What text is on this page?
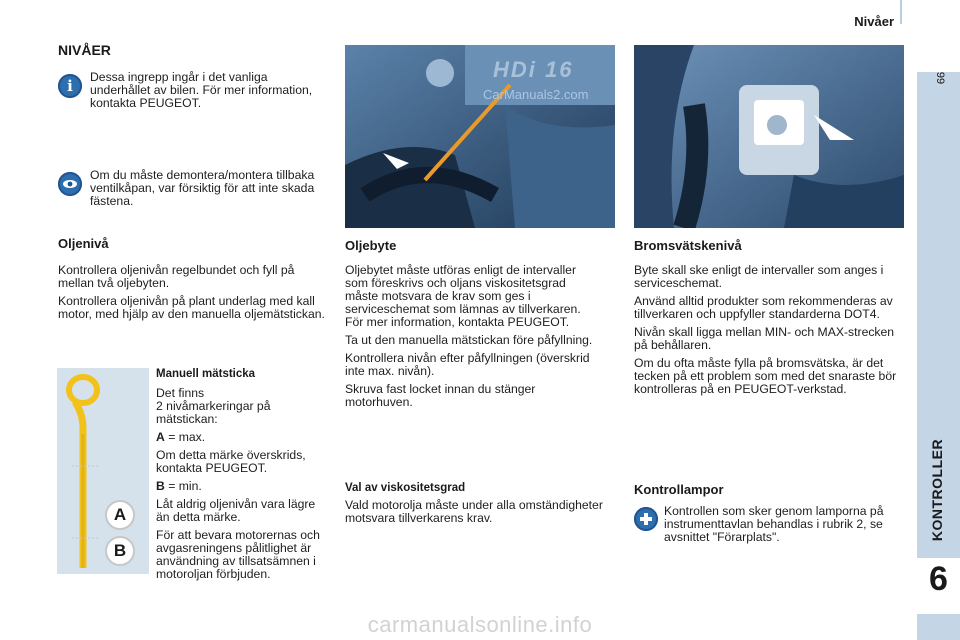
Nivåer
99
KONTROLLER
6
NIVÅER
i	Dessa ingrepp ingår i det vanliga underhållet av bilen. För mer information, kontakta PEUGEOT.

Om du måste demontera/montera tillbaka ventilkåpan, var försiktig för att inte skada fästena.

Oljenivå

Kontrollera oljenivån regelbundet och fyll på mellan två oljebyten.

Kontrollera oljenivån på plant underlag med kall motor, med hjälp av den manuella oljemätstickan.

A
B
Manuell mätsticka

Det finns
2 nivåmarkeringar på mätstickan:

A = max.

Om detta märke överskrids, kontakta PEUGEOT.

B = min.

Låt aldrig oljenivån vara lägre än detta märke.

För att bevara motorernas och avgasreningens pålitlighet är användning av tillsatsämnen i motoroljan förbjuden.

HDi 16
CarManuals2.com
Oljebyte

Oljebytet måste utföras enligt de intervaller som föreskrivs och oljans viskositetsgrad måste motsvara de krav som ges i serviceschemat som lämnas av tillverkaren. För mer information, kontakta PEUGEOT.

Ta ut den manuella mätstickan före påfyllning.

Kontrollera nivån efter påfyllningen (överskrid inte max. nivån).

Skruva fast locket innan du stänger motorhuven.

Val av viskositetsgrad

Vald motorolja måste under alla omständigheter motsvara tillverkarens krav.

Bromsvätskenivå

Byte skall ske enligt de intervaller som anges i serviceschemat.

Använd alltid produkter som rekommenderas av tillverkaren och uppfyller standarderna DOT4.

Nivån skall ligga mellan MIN- och MAX-strecken på behållaren.

Om du ofta måste fylla på bromsvätska, är det tecken på ett problem som med det snaraste bör kontrolleras på en PEUGEOT-verkstad.

Kontrollampor

Kontrollen som sker genom lamporna på instrumenttavlan behandlas i rubrik 2, se avsnittet "Förarplats".

carmanualsonline.info
